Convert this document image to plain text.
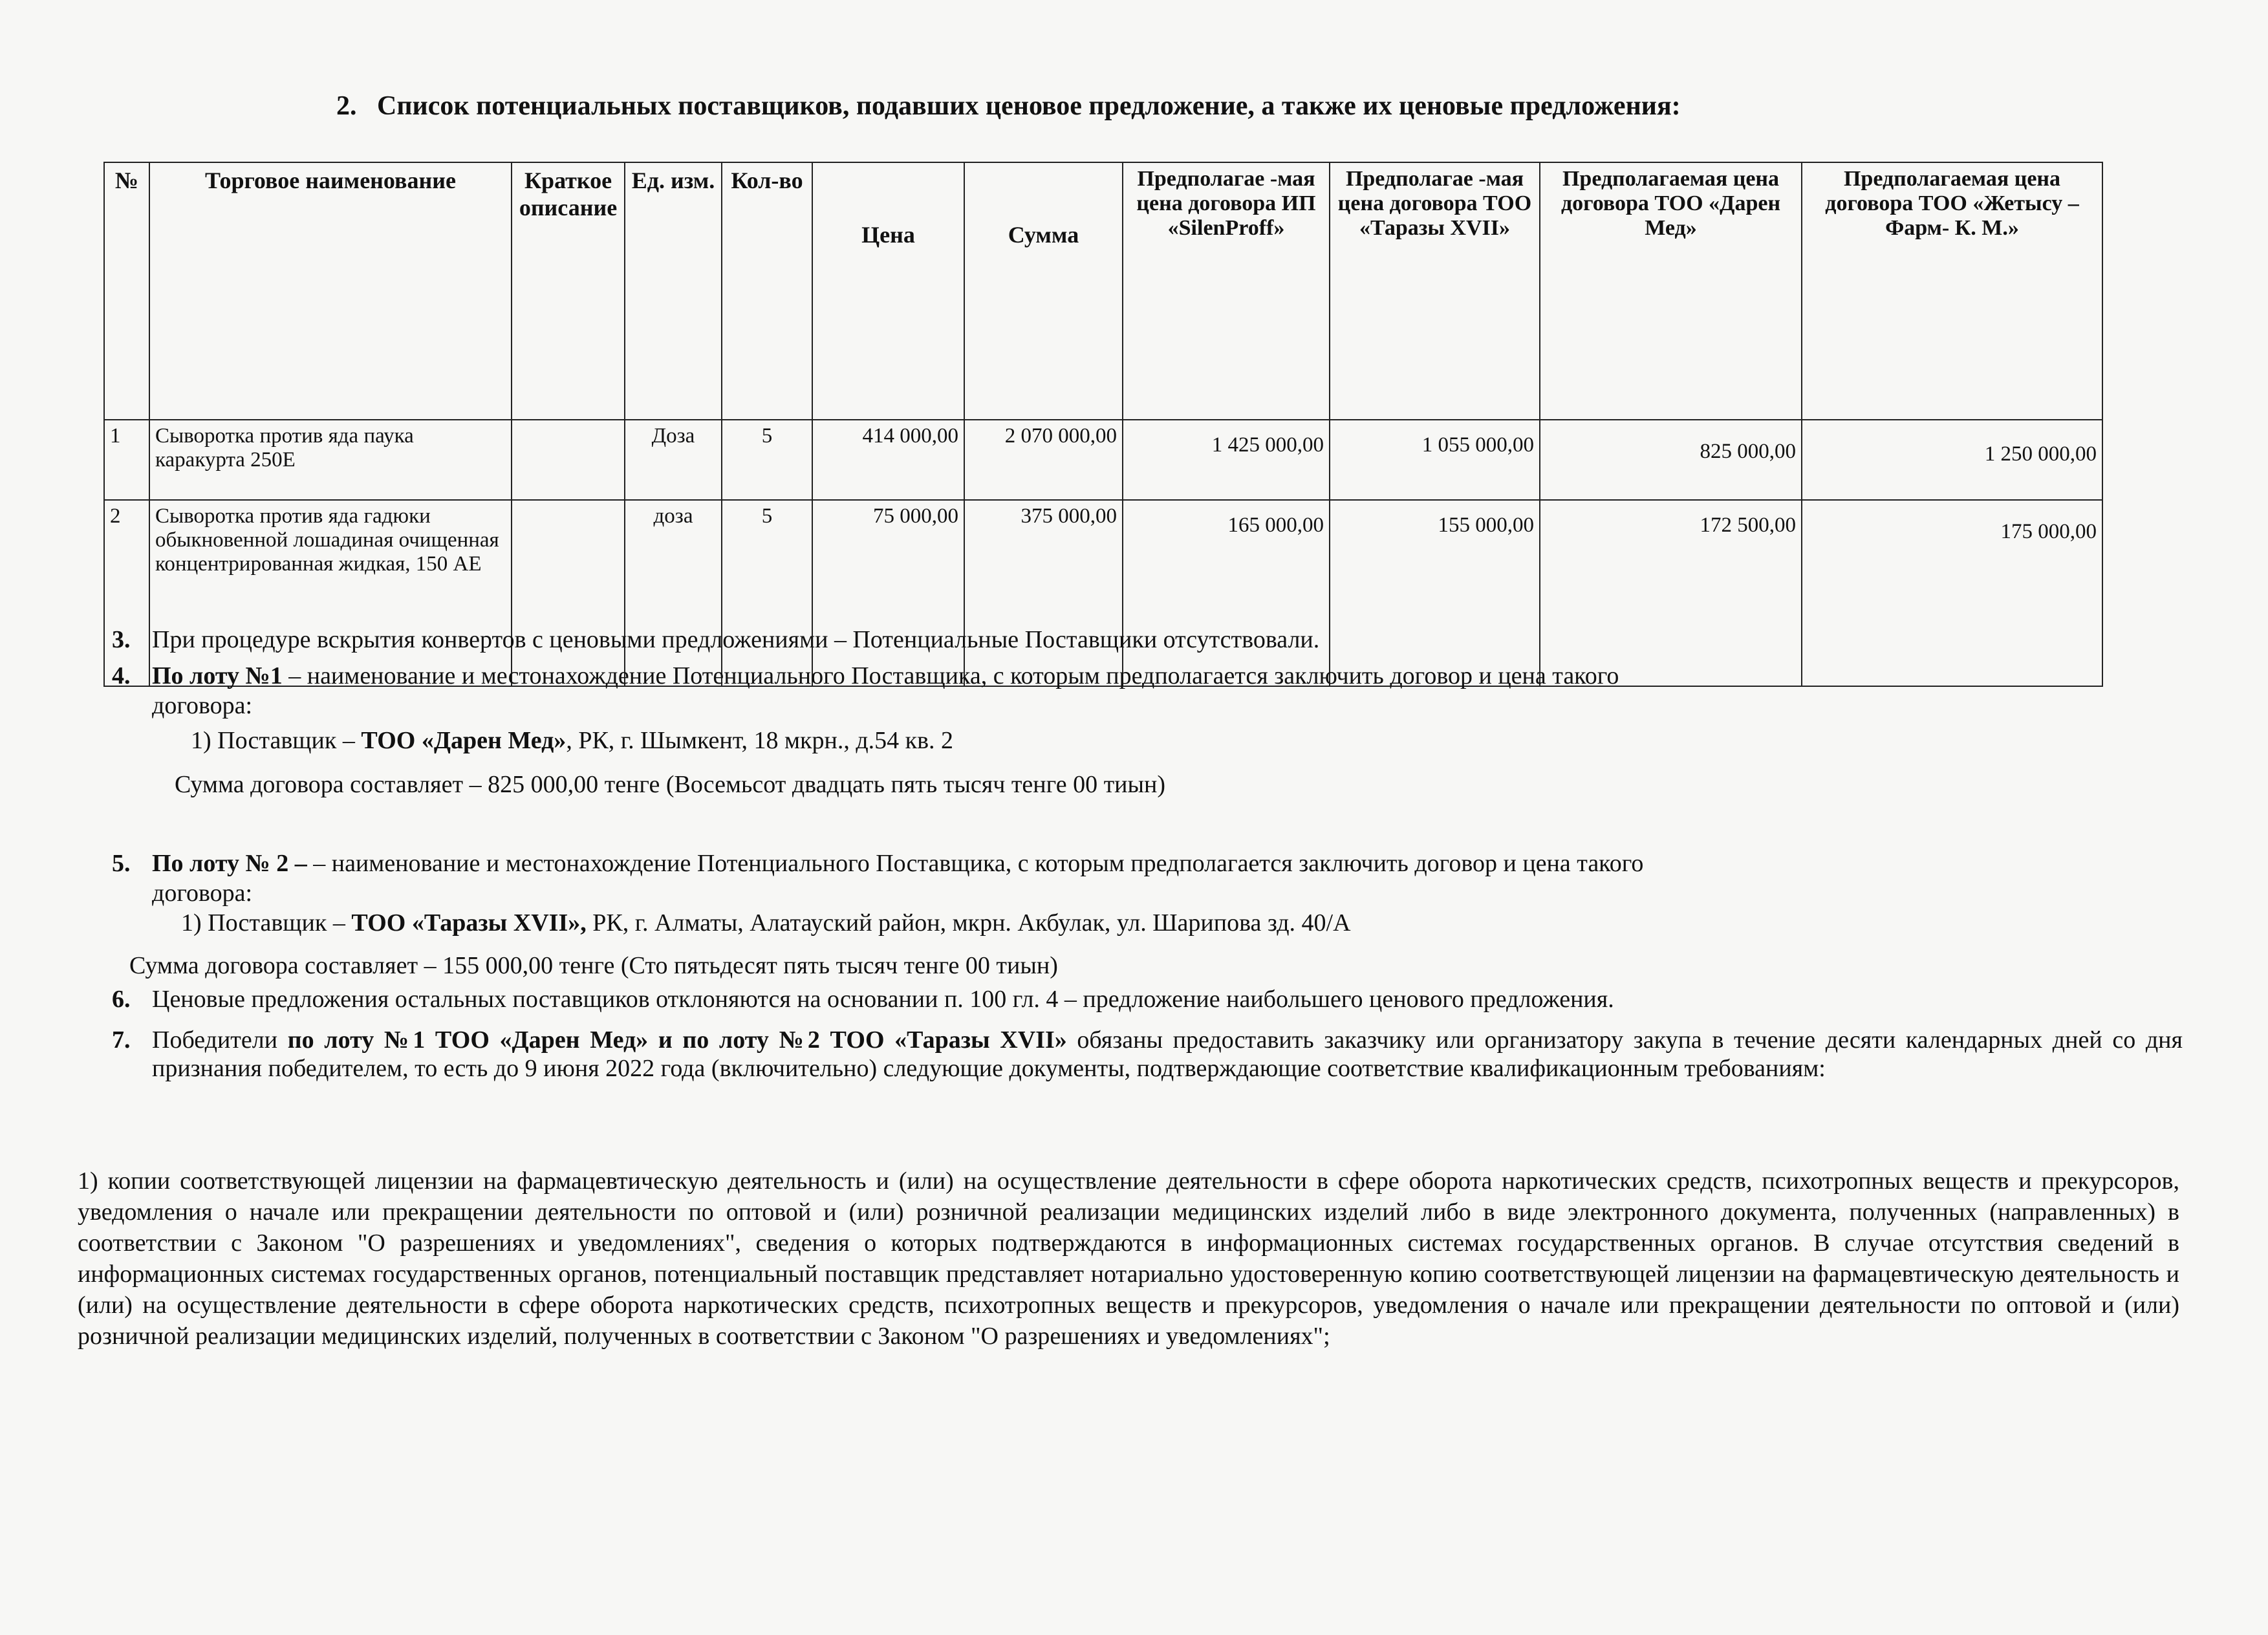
2. Список потенциальных поставщиков, подавших ценовое предложение, а также их ценовые предложения:
№	Торговое наименование	Краткое описание	Ед. изм.	Кол-во	Цена	Сумма	Предполагае -мая цена договора ИП «SilenProff»	Предполагае -мая цена договора ТОО «Таразы XVII»	Предполагаемая цена договора ТОО «Дарен Мед»	Предполагаемая цена договора ТОО «Жетысу – Фарм- К. М.»
1	Сыворотка против яда паука каракурта 250Е		Доза	5	414 000,00	2 070 000,00	1 425 000,00	1 055 000,00	825 000,00	1 250 000,00
2	Сыворотка против яда гадюки обыкновенной лошадиная очищенная концентрированная жидкая, 150 АЕ		доза	5	75 000,00	375 000,00	165 000,00	155 000,00	172 500,00	175 000,00
3. При процедуре вскрытия конвертов с ценовыми предложениями – Потенциальные Поставщики отсутствовали.
4. По лоту №1 – наименование и местонахождение Потенциального Поставщика, с которым предполагается заключить договор и цена такого
договора:
1) Поставщик – ТОО «Дарен Мед», РК, г. Шымкент, 18 мкрн., д.54 кв. 2
Сумма договора составляет – 825 000,00 тенге (Восемьсот двадцать пять тысяч тенге 00 тиын)
5. По лоту № 2 – – наименование и местонахождение Потенциального Поставщика, с которым предполагается заключить договор и цена такого
договора:
1) Поставщик – ТОО «Таразы XVII», РК, г. Алматы, Алатауский район, мкрн. Акбулак, ул. Шарипова зд. 40/А
Сумма договора составляет – 155 000,00 тенге (Сто пятьдесят пять тысяч тенге 00 тиын)
6. Ценовые предложения остальных поставщиков отклоняются на основании п. 100 гл. 4 – предложение наибольшего ценового предложения.
7. Победители по лоту №1 ТОО «Дарен Мед» и по лоту №2 ТОО «Таразы XVII» обязаны предоставить заказчику или организатору закупа в течение десяти календарных дней со дня признания победителем, то есть до 9 июня 2022 года (включительно) следующие документы, подтверждающие соответствие квалификационным требованиям:
1) копии соответствующей лицензии на фармацевтическую деятельность и (или) на осуществление деятельности в сфере оборота наркотических средств, психотропных веществ и прекурсоров, уведомления о начале или прекращении деятельности по оптовой и (или) розничной реализации медицинских изделий либо в виде электронного документа, полученных (направленных) в соответствии с Законом "О разрешениях и уведомлениях", сведения о которых подтверждаются в информационных системах государственных органов. В случае отсутствия сведений в информационных системах государственных органов, потенциальный поставщик представляет нотариально удостоверенную копию соответствующей лицензии на фармацевтическую деятельность и (или) на осуществление деятельности в сфере оборота наркотических средств, психотропных веществ и прекурсоров, уведомления о начале или прекращении деятельности по оптовой и (или) розничной реализации медицинских изделий, полученных в соответствии с Законом "О разрешениях и уведомлениях";
